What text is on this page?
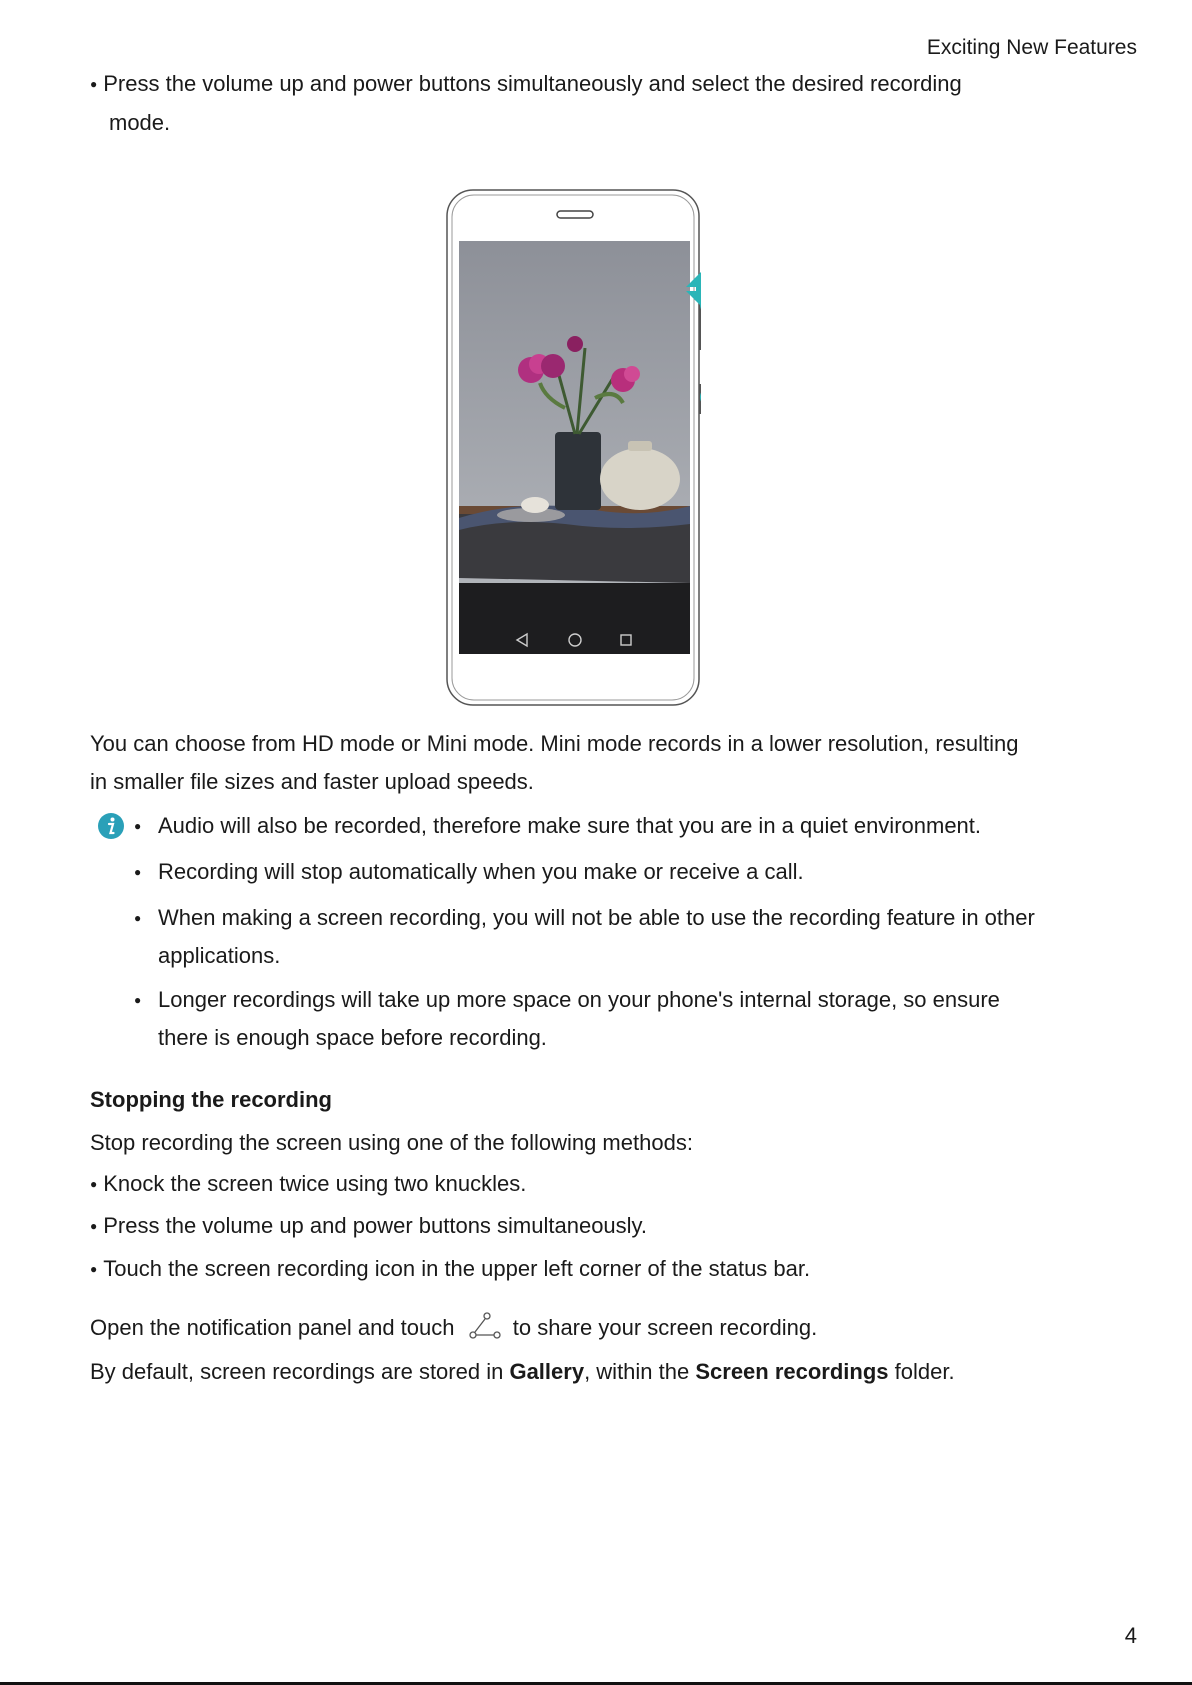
Exciting New Features
● Press the volume up and power buttons simultaneously and select the desired recording
mode.
You can choose from HD mode or Mini mode. Mini mode records in a lower resolution, resulting
in smaller file sizes and faster upload speeds.
Audio will also be recorded, therefore make sure that you are in a quiet environment.
Recording will stop automatically when you make or receive a call.
When making a screen recording, you will not be able to use the recording feature in other
applications.
Longer recordings will take up more space on your phone's internal storage, so ensure
there is enough space before recording.
Stopping the recording
Stop recording the screen using one of the following methods:
● Knock the screen twice using two knuckles.
● Press the volume up and power buttons simultaneously.
● Touch the screen recording icon in the upper left corner of the status bar.
Open the notification panel and touch	to share your screen recording.
By default, screen recordings are stored in Gallery, within the Screen recordings folder.
4
